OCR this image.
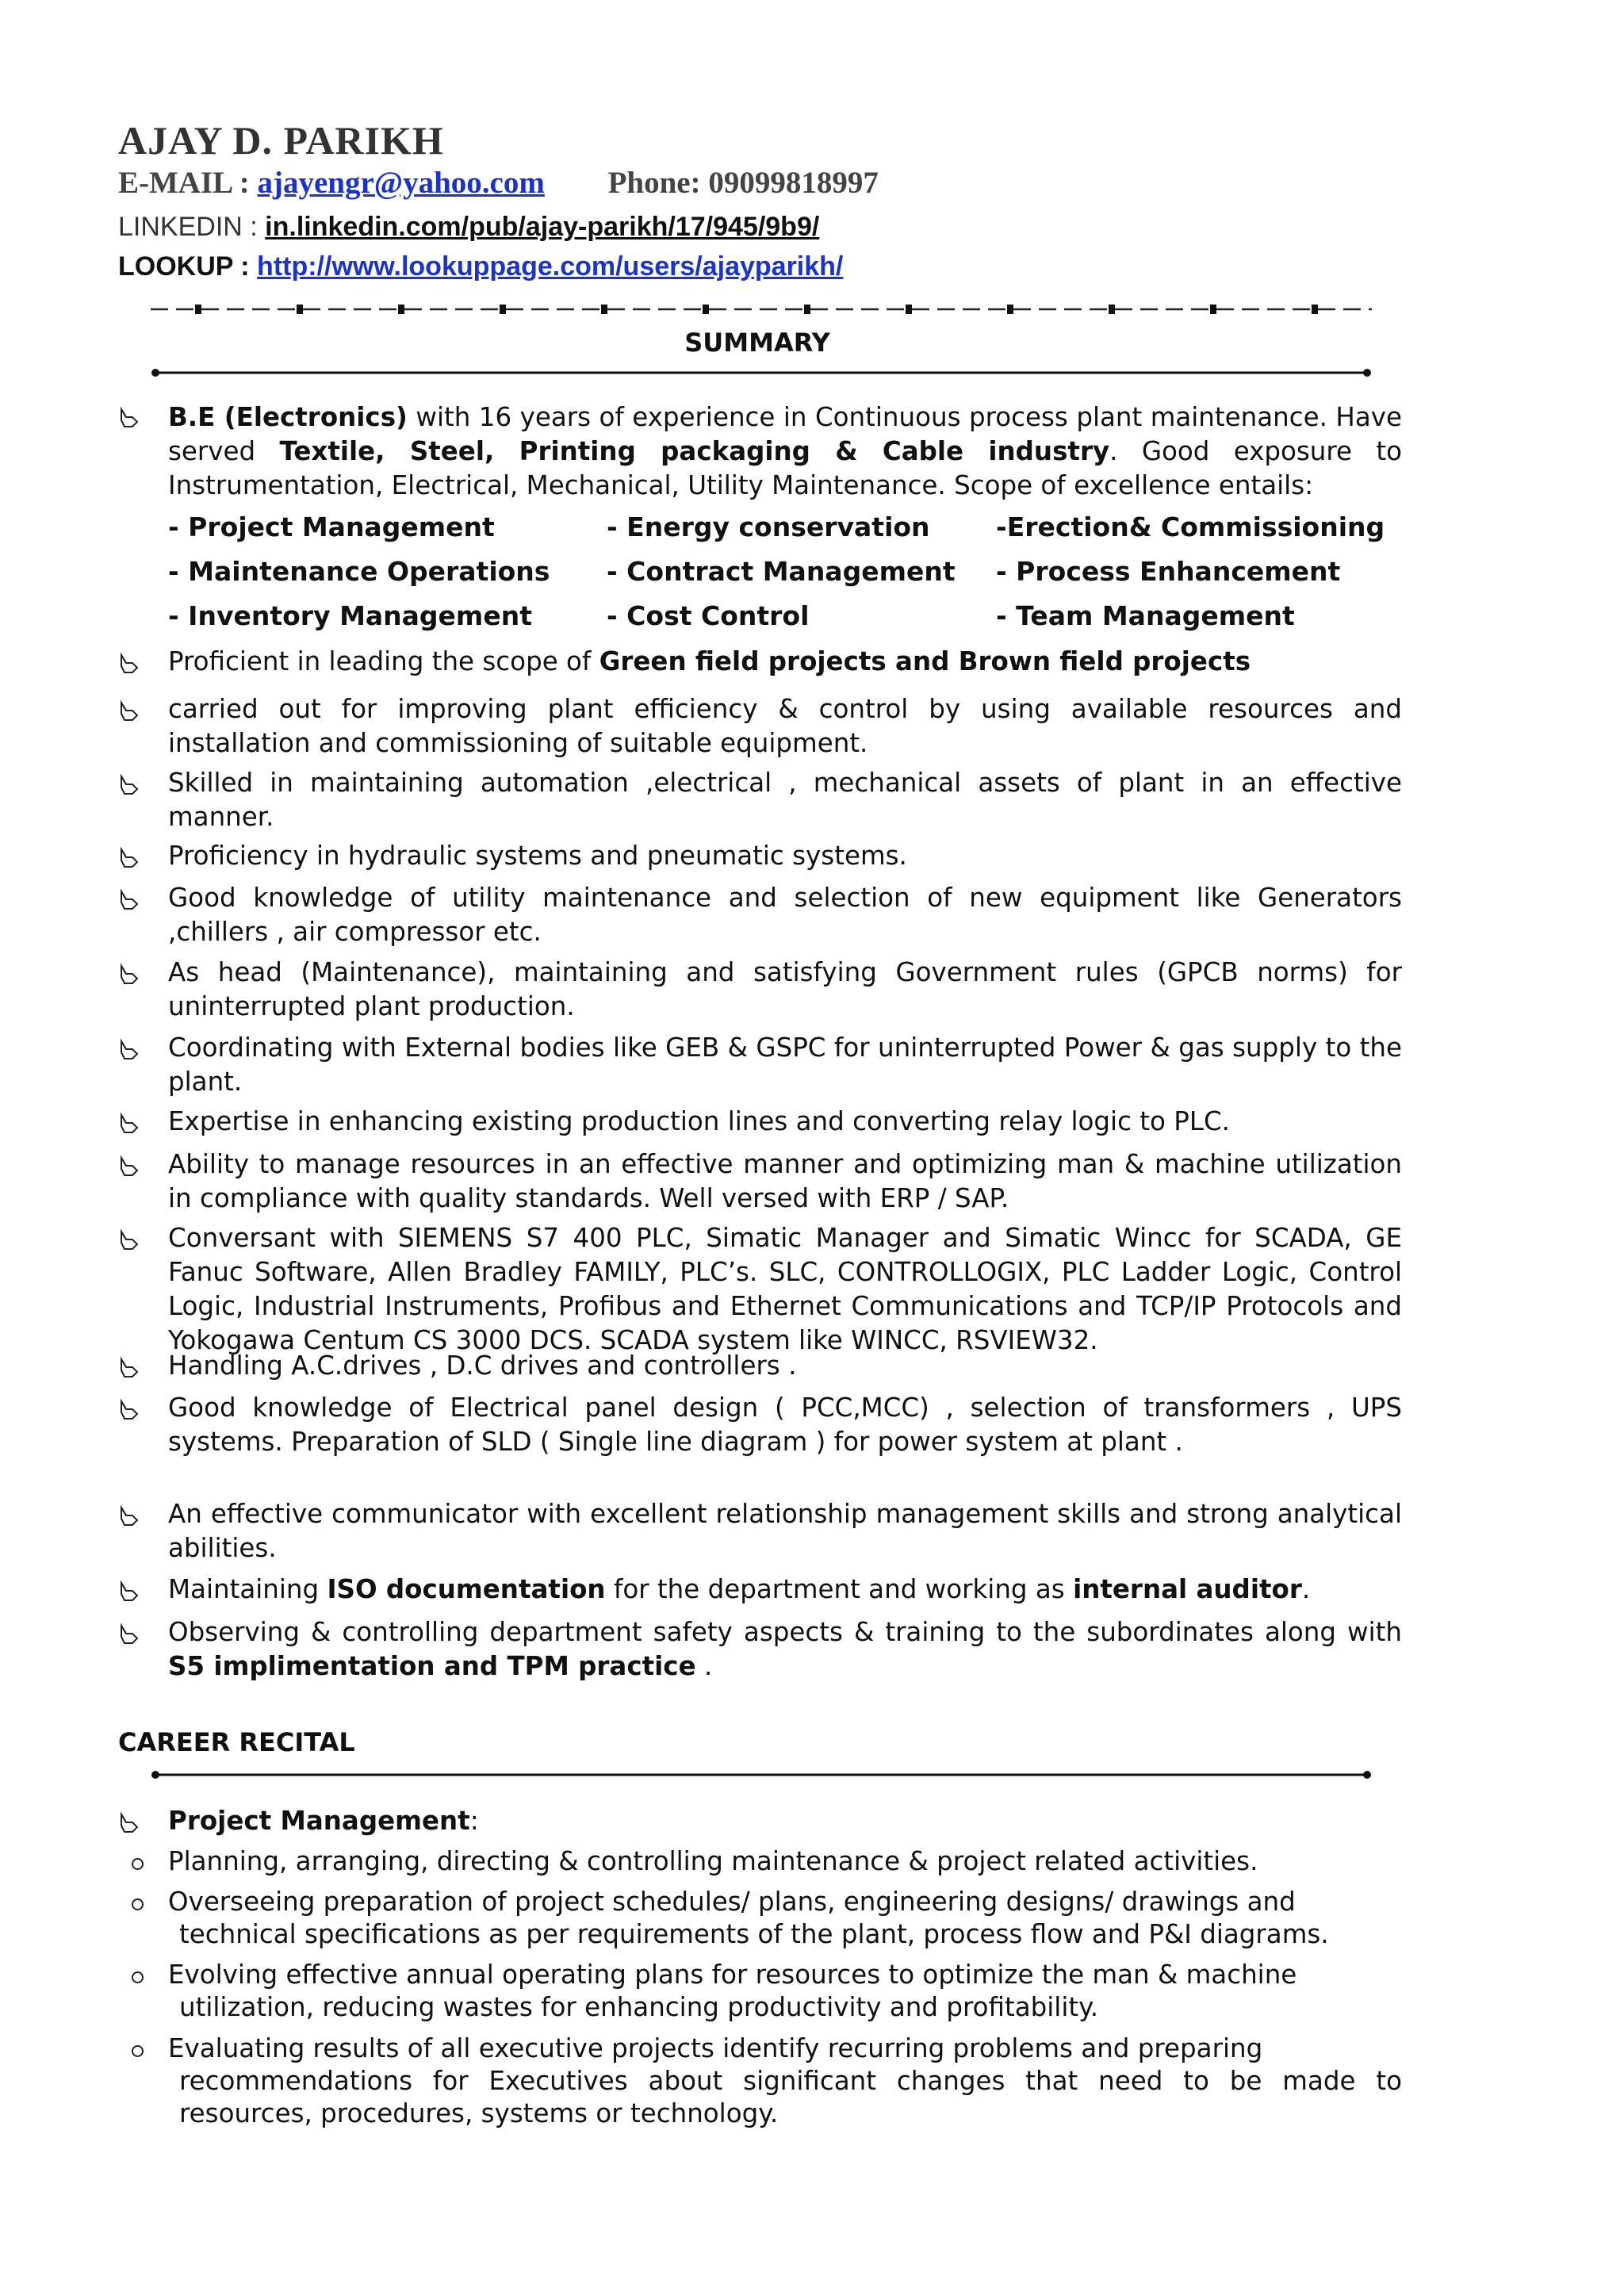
AJAY D. PARIKH
E-MAIL : ajayengr@yahoo.com Phone: 09099818997
LINKEDIN : in.linkedin.com/pub/ajay-parikh/17/945/9b9/
LOOKUP : http://www.lookuppage.com/users/ajayparikh/
SUMMARY
B.E (Electronics) with 16 years of experience in Continuous process plant maintenance. Have served Textile, Steel, Printing packaging & Cable industry. Good exposure to Instrumentation, Electrical, Mechanical, Utility Maintenance. Scope of excellence entails:
- Project Management	- Energy conservation	-Erection& Commissioning
- Maintenance Operations - Contract Management - Process Enhancement
- Inventory Management	- Cost Control	- Team Management
Proficient in leading the scope of Green field projects and Brown field projects
carried out for improving plant efficiency & control by using available resources and installation and commissioning of suitable equipment.
Skilled in maintaining automation ,electrical , mechanical assets of plant in an effective manner.
Proficiency in hydraulic systems and pneumatic systems.
Good knowledge of utility maintenance and selection of new equipment like Generators ,chillers , air compressor etc.
As head (Maintenance), maintaining and satisfying Government rules (GPCB norms) for uninterrupted plant production.
Coordinating with External bodies like GEB & GSPC for uninterrupted Power & gas supply to the plant.
Expertise in enhancing existing production lines and converting relay logic to PLC.
Ability to manage resources in an effective manner and optimizing man & machine utilization in compliance with quality standards. Well versed with ERP / SAP.
Conversant with SIEMENS S7 400 PLC, Simatic Manager and Simatic Wincc for SCADA, GE Fanuc Software, Allen Bradley FAMILY, PLC’s. SLC, CONTROLLOGIX, PLC Ladder Logic, Control Logic, Industrial Instruments, Profibus and Ethernet Communications and TCP/IP Protocols and Yokogawa Centum CS 3000 DCS. SCADA system like WINCC, RSVIEW32.
Handling A.C.drives , D.C drives and controllers .
Good knowledge of Electrical panel design ( PCC,MCC) , selection of transformers , UPS systems. Preparation of SLD ( Single line diagram ) for power system at plant .
An effective communicator with excellent relationship management skills and strong analytical abilities.
Maintaining ISO documentation for the department and working as internal auditor.
Observing & controlling department safety aspects & training to the subordinates along with S5 implimentation and TPM practice .
CAREER RECITAL
Project Management:
Planning, arranging, directing & controlling maintenance & project related activities.
Overseeing preparation of project schedules/ plans, engineering designs/ drawings and
technical specifications as per requirements of the plant, process flow and P&I diagrams.
Evolving effective annual operating plans for resources to optimize the man & machine
utilization, reducing wastes for enhancing productivity and profitability.
Evaluating results of all executive projects identify recurring problems and preparing
recommendations for Executives about significant changes that need to be made to resources, procedures, systems or technology.
